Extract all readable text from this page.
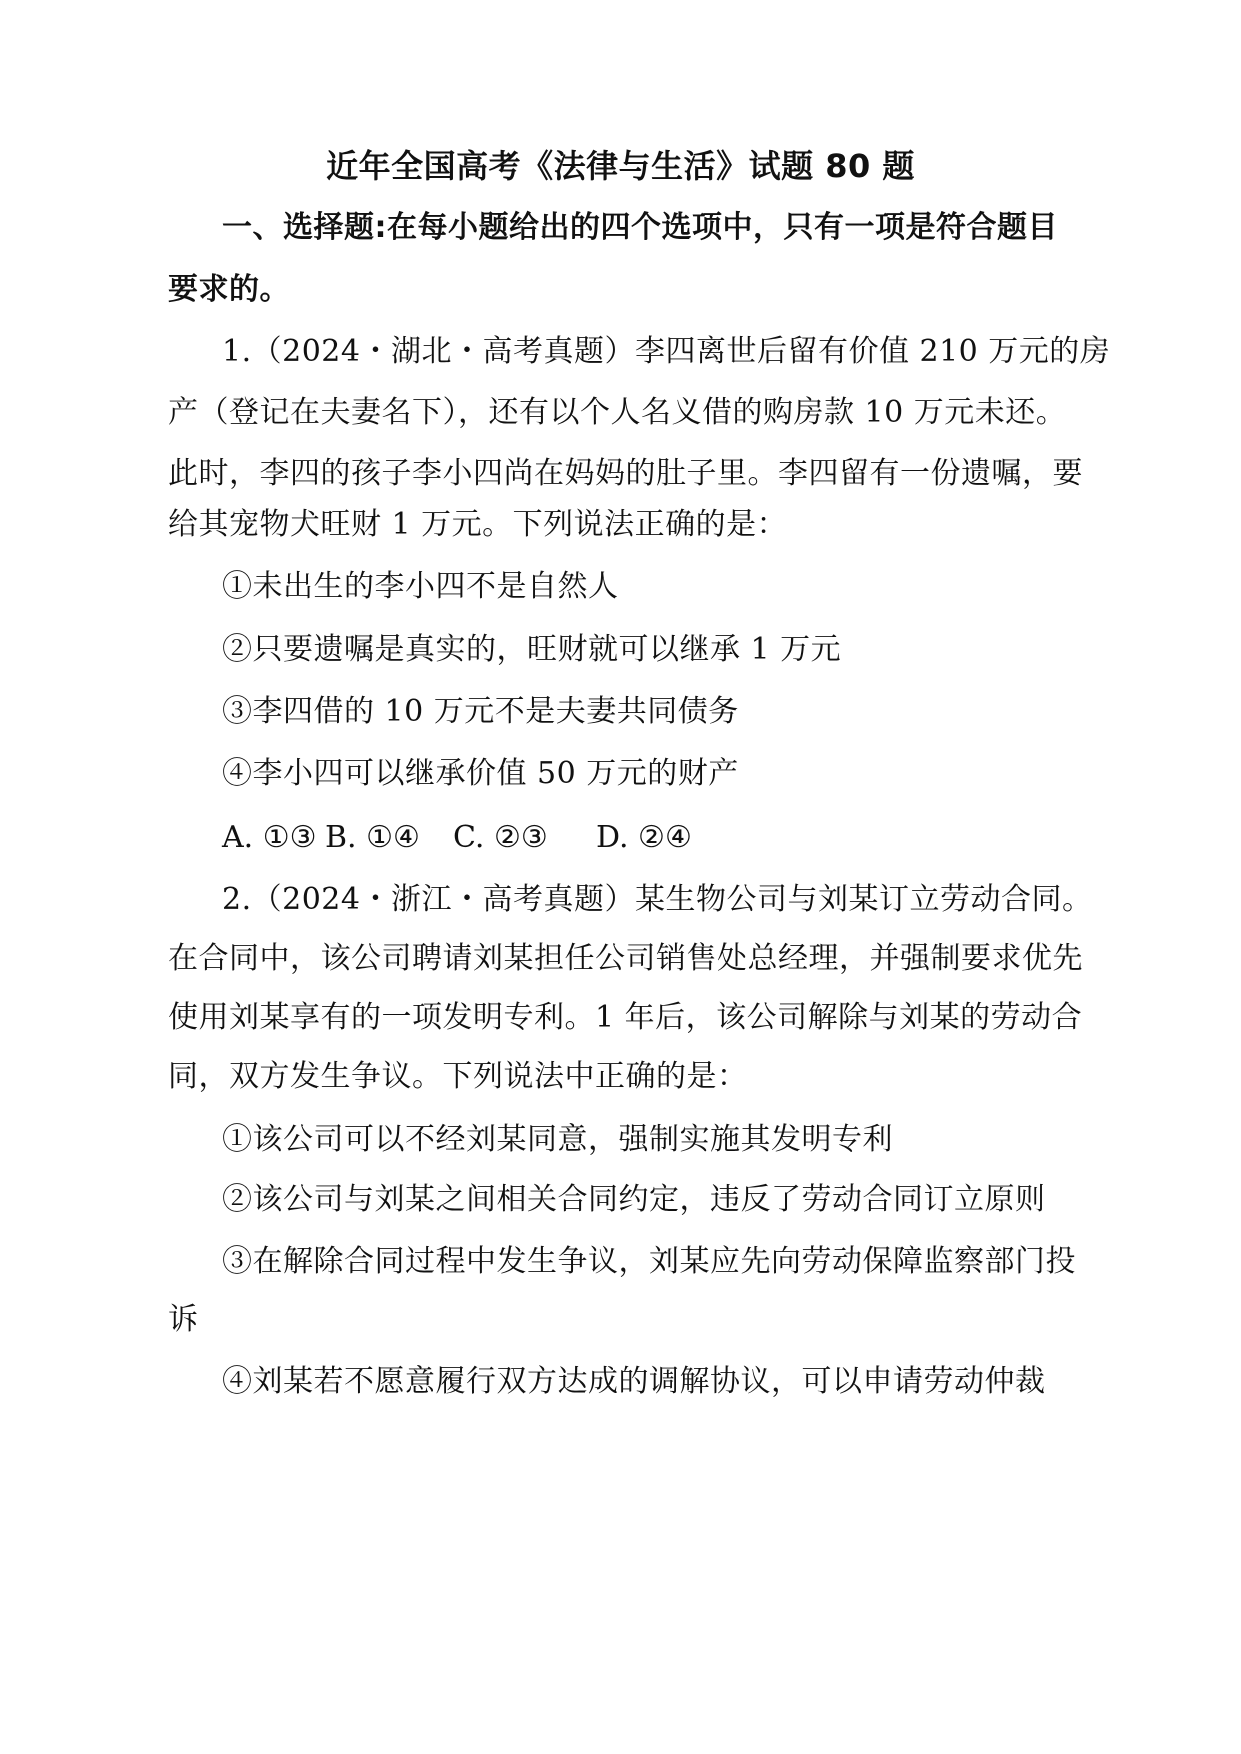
近年全国高考《法律与生活》试题 80 题
一、选择题:在每小题给出的四个选项中，只有一项是符合题目
要求的。
1.（2024・湖北・高考真题）李四离世后留有价值 210 万元的房
产（登记在夫妻名下），还有以个人名义借的购房款 10 万元未还。
此时，李四的孩子李小四尚在妈妈的肚子里。李四留有一份遗嘱，要
给其宠物犬旺财 1 万元。下列说法正确的是：
①未出生的李小四不是自然人
②只要遗嘱是真实的，旺财就可以继承 1 万元
③李四借的 10 万元不是夫妻共同债务
④李小四可以继承价值 50 万元的财产
A. ①③ B. ①④ C. ②③ D. ②④
2.（2024・浙江・高考真题）某生物公司与刘某订立劳动合同。
在合同中，该公司聘请刘某担任公司销售处总经理，并强制要求优先
使用刘某享有的一项发明专利。1 年后，该公司解除与刘某的劳动合
同，双方发生争议。下列说法中正确的是：
①该公司可以不经刘某同意，强制实施其发明专利
②该公司与刘某之间相关合同约定，违反了劳动合同订立原则
③在解除合同过程中发生争议，刘某应先向劳动保障监察部门投
诉
④刘某若不愿意履行双方达成的调解协议，可以申请劳动仲裁
